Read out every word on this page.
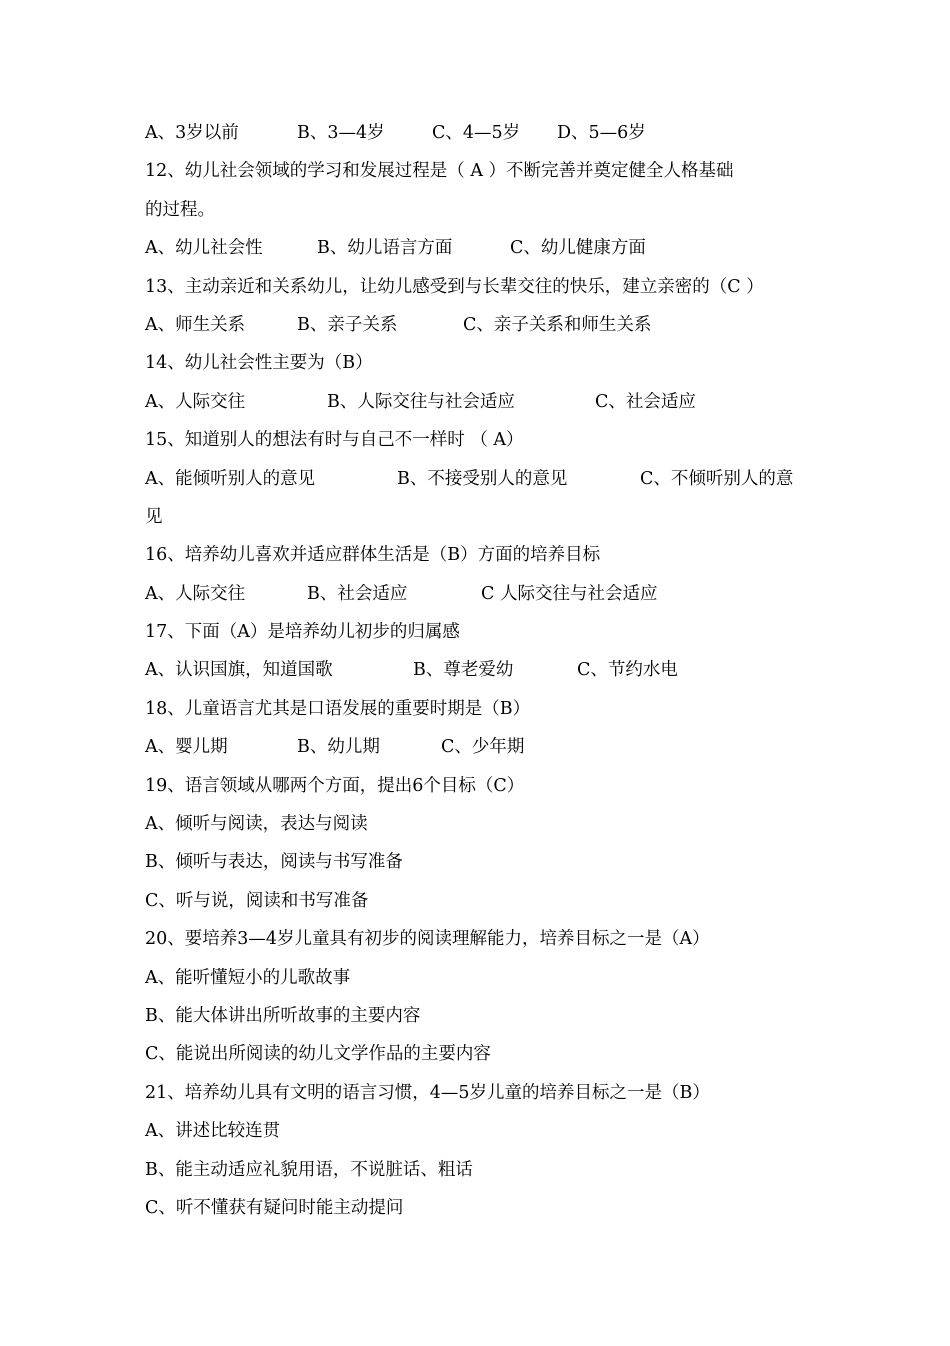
A、3岁以前	B、3—4岁	C、4—5岁 D、5—6岁
12、幼儿社会领域的学习和发展过程是（ A ）不断完善并奠定健全人格基础
的过程。
A、幼儿社会性	B、幼儿语言方面	C、幼儿健康方面
13、主动亲近和关系幼儿，让幼儿感受到与长辈交往的快乐，建立亲密的（C ）
A、师生关系	B、亲子关系	C、亲子关系和师生关系
14、幼儿社会性主要为（B）
A、人际交往	B、人际交往与社会适应	C、社会适应
15、知道别人的想法有时与自己不一样时 （ A）
A、能倾听别人的意见	B、不接受别人的意见	C、不倾听别人的意
见
16、培养幼儿喜欢并适应群体生活是（B）方面的培养目标
A、人际交往	B、社会适应	C 人际交往与社会适应
17、下面（A）是培养幼儿初步的归属感
A、认识国旗，知道国歌	B、尊老爱幼	C、节约水电
18、儿童语言尤其是口语发展的重要时期是（B）
A、婴儿期	B、幼儿期	C、少年期
19、语言领域从哪两个方面，提出6个目标（C）
A、倾听与阅读，表达与阅读
B、倾听与表达，阅读与书写准备
C、听与说，阅读和书写准备
20、要培养3—4岁儿童具有初步的阅读理解能力，培养目标之一是（A）
A、能听懂短小的儿歌故事
B、能大体讲出所听故事的主要内容
C、能说出所阅读的幼儿文学作品的主要内容
21、培养幼儿具有文明的语言习惯，4—5岁儿童的培养目标之一是（B）
A、讲述比较连贯
B、能主动适应礼貌用语，不说脏话、粗话
C、听不懂获有疑问时能主动提问
